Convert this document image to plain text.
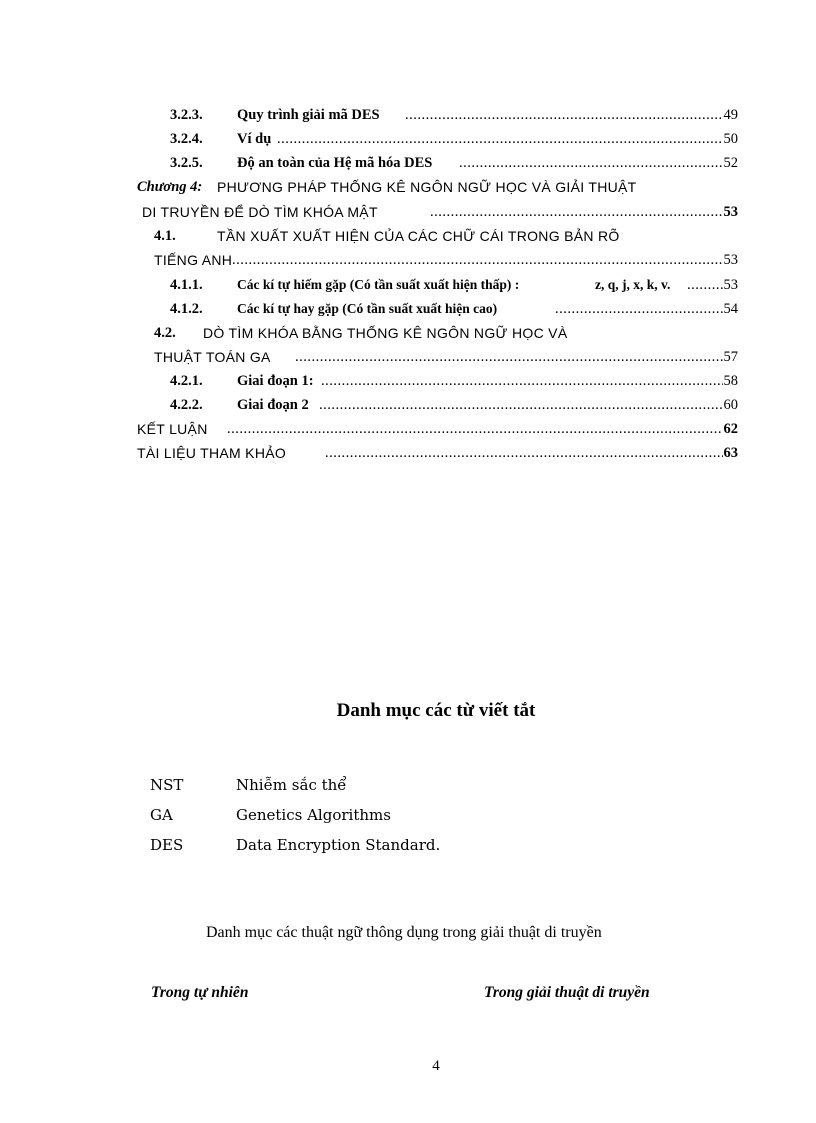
3.2.3. Quy trình giải mã DES .....	49
3.2.4. Ví dụ .....	50
3.2.5. Độ an toàn của Hệ mã hóa DES .....	52
Chương 4: PHƯƠNG PHÁP THỐNG KÊ NGÔN NGỮ HỌC VÀ GIẢI THUẬT
DI TRUYỀN ĐỂ DÒ TÌM KHÓA MẬT .....	53
4.1.	TẦN XUẤT XUẤT HIỆN CỦA CÁC CHỮ CÁI TRONG BẢN RÕ
TIẾNG ANH .....	53
4.1.1.	Các kí tự hiếm gặp (Có tần suất xuất hiện thấp) :	z, q, j, x, k, v. .....	53
4.1.2.	Các kí tự hay gặp (Có tần suất xuất hiện cao) .....	54
4.2. DÒ TÌM KHÓA BẰNG THỐNG KÊ NGÔN NGỮ HỌC VÀ
THUẬT TOÁN GA .....	57
4.2.1. Giai đoạn 1: .....	58
4.2.2. Giai đoạn 2 .....	60
KẾT LUẬN .....	62
TÀI LIỆU THAM KHẢO .....	63
Danh mục các từ viết tắt
NST	Nhiễm sắc thể
GA	Genetics Algorithms
DES	Data Encryption Standard.
Danh mục các thuật ngữ thông dụng trong giải thuật di truyền
Trong tự nhiên	Trong giải thuật di truyền
4
